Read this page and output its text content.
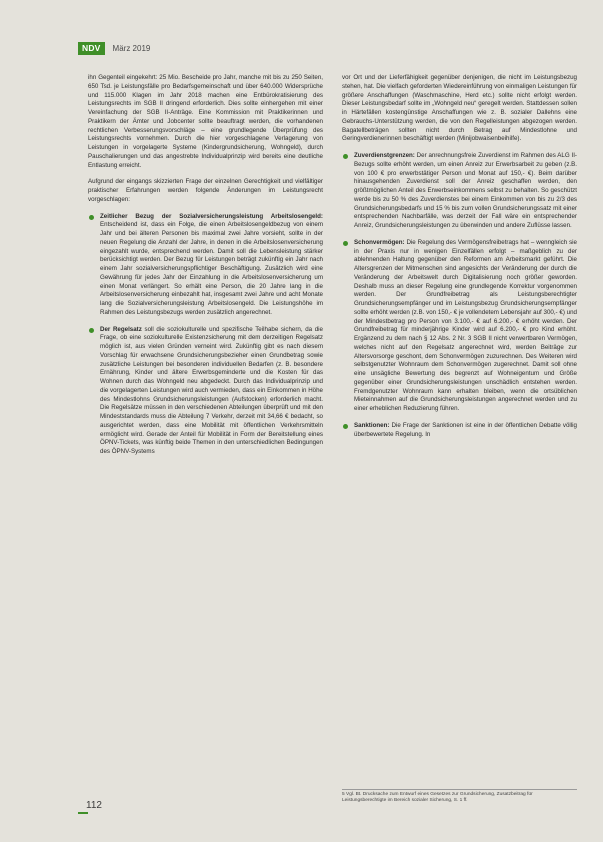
NDV	März 2019

ihn Gegenteil eingekehrt: 25 Mio. Bescheide pro Jahr, manche mit bis zu 250 Seiten, 650 Tsd. je Leistungsfälle pro Bedarfsgemeinschaft und über 640.000 Widersprüche und 115.000 Klagen im Jahr 2018 machen eine Entbürokratisierung des Leistungsrechts im SGB II dringend erforderlich. Dies sollte einhergehen mit einer Vereinfachung der SGB II-Anträge. Eine Kommission mit Praktikerinnen und Praktikern der Ämter und Jobcenter sollte beauftragt werden, die vorhandenen rechtlichen Verbesserungsvorschläge – eine grundlegende Überprüfung des Leistungsrechts vornehmen. Durch die hier vorgeschlagene Verlagerung von Leistungen in vorgelagerte Systeme (Kindergrundsicherung, Wohngeld), durch Pauschalierungen und das angestrebte Individualprinzip wird bereits eine deutliche Entlastung erreicht.

Aufgrund der eingangs skizzierten Frage der einzelnen Gerechtigkeit und vielfältiger praktischer Erfahrungen werden folgende Änderungen im Leistungsrecht vorgeschlagen:

Zeitlicher Bezug der Sozialversicherungsleistung Arbeitslosengeld: Entscheidend ist, dass ein Folge, die einen Arbeitslosengeldbezug von einem Jahr und bei älteren Personen bis maximal zwei Jahre vorsieht, sollte in der neuen Regelung die Anzahl der Jahre, in denen in die Arbeitslosenversicherung eingezahlt wurde, entsprechend werden. Damit soll die Lebensleistung stärker berücksichtigt werden. Der Bezug für Leistungen beträgt zukünftig ein Jahr nach einem Jahr sozialversicherungspflichtiger Beschäftigung. Zusätzlich wird eine Gewährung für jedes Jahr der Einzahlung in die Arbeitslosenversicherung um einen Monat verlängert. So erhält eine Person, die 20 Jahre lang in die Arbeitslosenversicherung einbezahlt hat, insgesamt zwei Jahre und acht Monate lang die Sozialversicherungsleistung Arbeitslosengeld. Die Leistungshöhe im Rahmen des Leistungsbezugs werden zusätzlich angerechnet.
Der Regelsatz soll die soziokulturelle und spezifische Teilhabe sichern, da die Frage, ob eine soziokulturelle Existenzsicherung mit dem derzeitigen Regelsatz möglich ist, aus vielen Gründen verneint wird. Zukünftig gibt es nach diesem Vorschlag für erwachsene Grundsicherungsbezieher einen Grundbetrag sowie zusätzliche Leistungen bei besonderen individuellen Bedarfen (z. B. besondere Ernährung, Kinder und ältere Erwerbsgeminderte und die Kosten für das Wohnen durch das Wohngeld neu abgedeckt. Durch das Individualprinzip und die vorgelagerten Leistungen wird auch vermieden, dass ein Einkommen in Höhe des Mindestlohns Grundsicherungsleistungen (Aufstocken) erforderlich macht. Die Regelsätze müssen in den verschiedenen Abteilungen überprüft und mit den Mindeststandards muss die Abteilung 7 Verkehr, derzeit mit 34,66 € bedacht, so ausgerichtet werden, dass eine Mobilität mit öffentlichen Verkehrsmitteln ermöglicht wird. Gerade der Anteil für Mobilität in Form der Bereitstellung eines ÖPNV-Tickets, was künftig beide Themen in den unterschiedlichen Bedingungen des ÖPNV-Systems

vor Ort und der Lieferfähigkeit gegenüber denjenigen, die nicht im Leistungsbezug stehen, hat. Die vielfach geforderten Wiedereinführung von einmaligen Leistungen für größere Anschaffungen (Waschmaschine, Herd etc.) sollte nicht erfolgt werden. Dieser Leistungsbedarf sollte im „Wohngeld neu“ geregelt werden. Stattdessen sollen in Härtefällen kostengünstige Anschaffungen wie z. B. sozialer Dallehns eine Gebrauchs-Unterstützung werden, die von den Regelleistungen abgezogen werden. Bagatellbeträgen sollten nicht durch Betrag auf Mindestlohne und Geringverdienerinnen beschäftigt werden (Minijobwaisenbeihilfe).

Zuverdienstgrenzen: Der anrechnungsfreie Zuverdienst im Rahmen des ALG II-Bezugs sollte erhöht werden, um einen Anreiz zur Erwerbsarbeit zu geben (z.B. von 100 € pro erwerbstätiger Person und Monat auf 150,- €). Beim darüber hinausgehenden Zuverdienst soll der Anreiz geschaffen werden, den größtmöglichen Anteil des Erwerbseinkommens selbst zu behalten. So geschützt werde bis zu 50 % des Zuverdienstes bei einem Einkommen von bis zu 2/3 des Grundsicherungsbedarfs und 15 % bis zum vollen Grundsicherungssatz mit einer entsprechenden Nachbarfälle, was derzeit der Fall wäre ein entsprechender Anreiz, Grundsicherungsleistungen zu überwinden und andere Zuflüsse lassen.
Schonvermögen: Die Regelung des Vermögensfreibetrags hat – wenngleich sie in der Praxis nur in wenigen Einzelfällen erfolgt – maßgeblich zu der ablehnenden Haltung gegenüber den Reformen am Arbeitsmarkt geführt. Die Altersgrenzen der Mitmenschen sind angesichts der Veränderung der durch die Veränderung der Arbeitswelt durch Digitalisierung noch größer geworden. Deshalb muss an dieser Regelung eine grundlegende Korrektur vorgenommen werden. Der Grundfreibetrag als Leistungsberechtigter Grundsicherungsempfänger und im Leistungsbezug Grundsicherungsempfänger sollte erhöht werden (z.B. von 150,- € je vollendetem Lebensjahr auf 300,- €) und der Mindestbetrag pro Person von 3.100,- € auf 6.200,- € erhöht werden. Der Grundfreibetrag für minderjährige Kinder wird auf 6.200,- € pro Kind erhöht. Ergänzend zu dem nach § 12 Abs. 2 Nr. 3 SGB II nicht verwertbaren Vermögen, welches nicht auf den Regelsatz angerechnet wird, werden Beiträge zur Altersvorsorge geschont, dem Schonvermögen zuzurechnen. Des Weiteren wird selbstgenutzter Wohnraum dem Schonvermögen zugerechnet. Damit soll ohne eine unsägliche Bewertung des begrenzt auf Wohneigentum und Größe gegenüber einer Grundsicherungsleistungen unschädlich entstehen werden. Fremdgenutzter Wohnraum kann erhalten bleiben, wenn die ortsüblichen Mieteinnahmen auf die Grundsicherungsleistungen angerechnet werden und zu einer erheblichen Reduzierung führen.
Sanktionen: Die Frage der Sanktionen ist eine in der öffentlichen Debatte völlig überbewertete Regelung. In
5 Vgl. Bt. Drucksache zum Entwurf eines Gesetzes zur Grundsicherung, Zusatzbeitrag für Leistungsberechtigte im Bereich sozialer Sicherung, S. 1 ff.
112
